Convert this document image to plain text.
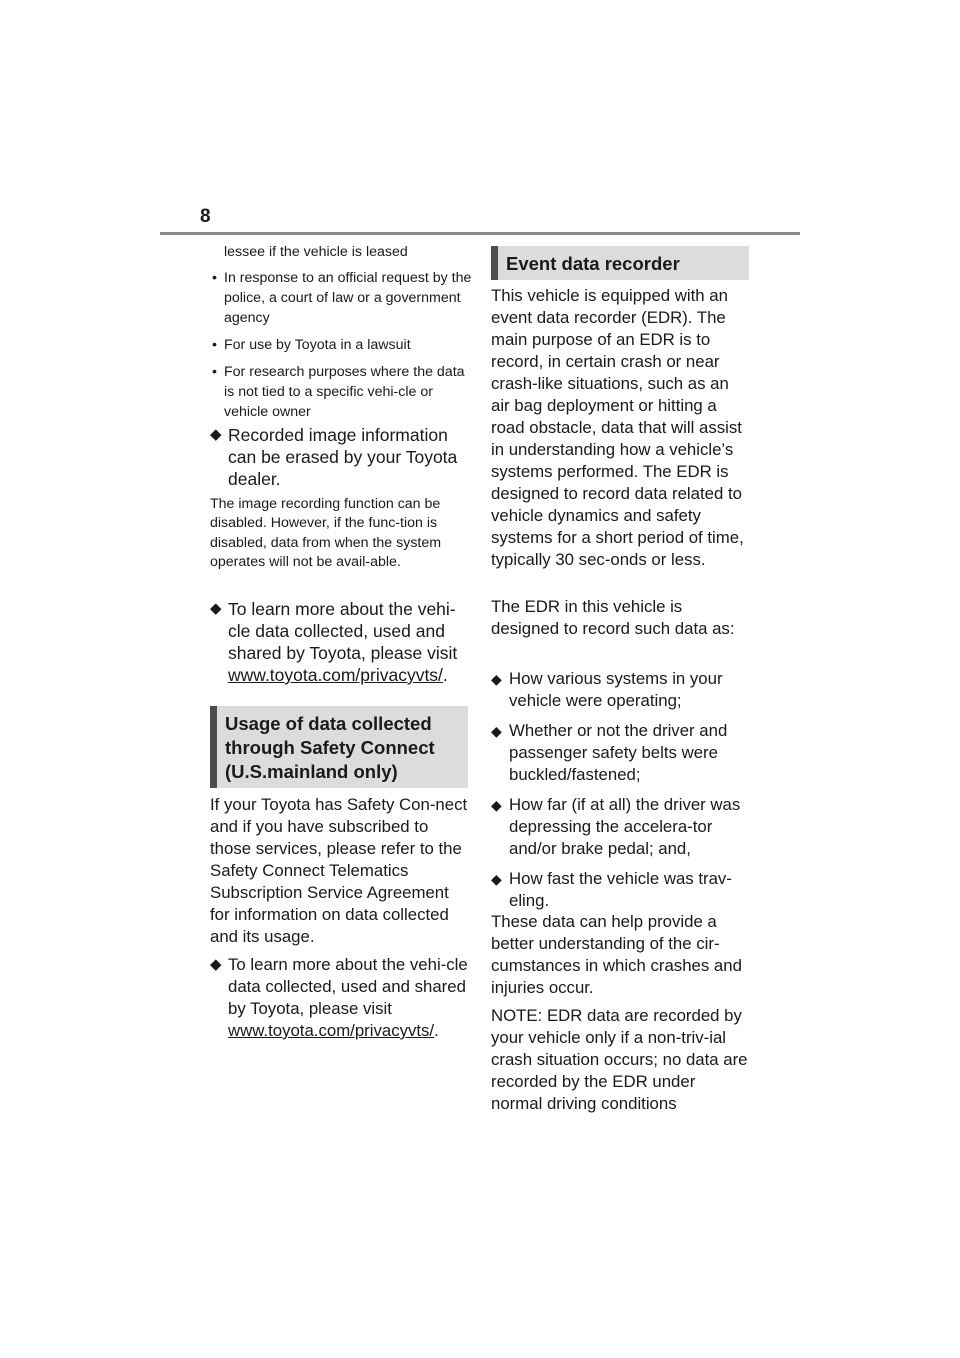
8

lessee if the vehicle is leased

• In response to an official request by the police, a court of law or a government agency

• For use by Toyota in a lawsuit

• For research purposes where the data is not tied to a specific vehi-cle or vehicle owner

◆ Recorded image information can be erased by your Toyota dealer.

The image recording function can be disabled. However, if the func-tion is disabled, data from when the system operates will not be avail-able.

◆ To learn more about the vehi-cle data collected, used and shared by Toyota, please visit www.toyota.com/privacyvts/.
Usage of data collected through Safety Connect (U.S.mainland only)

If your Toyota has Safety Con-nect and if you have subscribed to those services, please refer to the Safety Connect Telematics Subscription Service Agreement for information on data collected and its usage.

◆ To learn more about the vehi-cle data collected, used and shared by Toyota, please visit www.toyota.com/privacyvts/.
Event data recorder

This vehicle is equipped with an event data recorder (EDR). The main purpose of an EDR is to record, in certain crash or near crash-like situations, such as an air bag deployment or hitting a road obstacle, data that will assist in understanding how a vehicle’s systems performed. The EDR is designed to record data related to vehicle dynamics and safety systems for a short period of time, typically 30 sec-onds or less.

The EDR in this vehicle is designed to record such data as:

◆ How various systems in your vehicle were operating;
◆ Whether or not the driver and passenger safety belts were buckled/fastened;
◆ How far (if at all) the driver was depressing the accelera-tor and/or brake pedal; and,
◆ How fast the vehicle was trav-eling.

These data can help provide a better understanding of the cir-cumstances in which crashes and injuries occur.

NOTE: EDR data are recorded by your vehicle only if a non-triv-ial crash situation occurs; no data are recorded by the EDR under normal driving conditions
